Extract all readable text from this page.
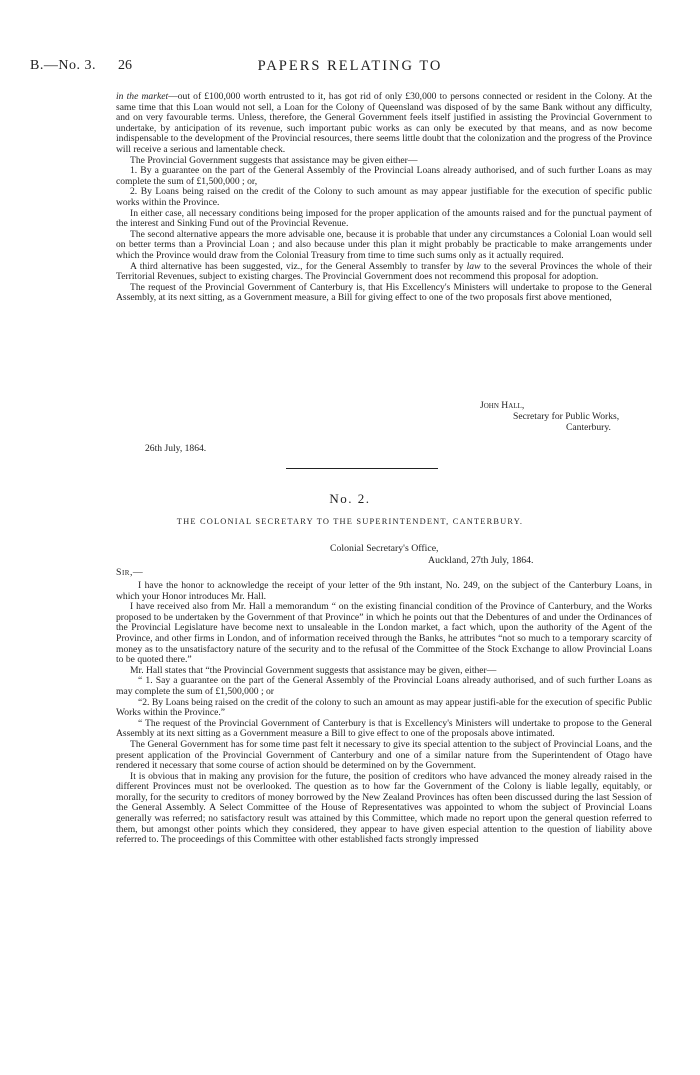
B.—No. 3. 26	PAPERS RELATING TO

in the market—out of £100,000 worth entrusted to it, has got rid of only £30,000 to persons connected or resident in the Colony. At the same time that this Loan would not sell, a Loan for the Colony of Queensland was disposed of by the same Bank without any difficulty, and on very favourable terms. Unless, therefore, the General Government feels itself justified in assisting the Provincial Government to undertake, by anticipation of its revenue, such important pubic works as can only be executed by that means, and as now become indispensable to the development of the Provincial resources, there seems little doubt that the colonization and the progress of the Province will receive a serious and lamentable check.

The Provincial Government suggests that assistance may be given either—

1. By a guarantee on the part of the General Assembly of the Provincial Loans already authorised, and of such further Loans as may complete the sum of £1,500,000 ; or,

2. By Loans being raised on the credit of the Colony to such amount as may appear justifiable for the execution of specific public works within the Province.

In either case, all necessary conditions being imposed for the proper application of the amounts raised and for the punctual payment of the interest and Sinking Fund out of the Provincial Revenue.

The second alternative appears the more advisable one, because it is probable that under any circumstances a Colonial Loan would sell on better terms than a Provincial Loan ; and also because under this plan it might probably be practicable to make arrangements under which the Province would draw from the Colonial Treasury from time to time such sums only as it actually required.

A third alternative has been suggested, viz., for the General Assembly to transfer by law to the several Provinces the whole of their Territorial Revenues, subject to existing charges. The Provincial Government does not recommend this proposal for adoption.

The request of the Provincial Government of Canterbury is, that His Excellency's Ministers will undertake to propose to the General Assembly, at its next sitting, as a Government measure, a Bill for giving effect to one of the two proposals first above mentioned,

John Hall,
Secretary for Public Works,
Canterbury.
26th July, 1864.
No. 2.
THE COLONIAL SECRETARY TO THE SUPERINTENDENT, CANTERBURY.
Colonial Secretary's Office,
Auckland, 27th July, 1864.
Sir,—

I have the honor to acknowledge the receipt of your letter of the 9th instant, No. 249, on the subject of the Canterbury Loans, in which your Honor introduces Mr. Hall.

I have received also from Mr. Hall a memorandum “ on the existing financial condition of the Province of Canterbury, and the Works proposed to be undertaken by the Government of that Province” in which he points out that the Debentures of and under the Ordinances of the Provincial Legislature have become next to unsaleable in the London market, a fact which, upon the authority of the Agent of the Province, and other firms in London, and of information received through the Banks, he attributes “not so much to a temporary scarcity of money as to the unsatisfactory nature of the security and to the refusal of the Committee of the Stock Exchange to allow Provincial Loans to be quoted there.”

Mr. Hall states that “the Provincial Government suggests that assistance may be given, either—

“ 1. Say a guarantee on the part of the General Assembly of the Provincial Loans already authorised, and of such further Loans as may complete the sum of £1,500,000 ; or

“2. By Loans being raised on the credit of the colony to such an amount as may appear justifi-able for the execution of specific Public Works within the Province.”

“ The request of the Provincial Government of Canterbury is that is Excellency's Ministers will undertake to propose to the General Assembly at its next sitting as a Government measure a Bill to give effect to one of the proposals above intimated.

The General Government has for some time past felt it necessary to give its special attention to the subject of Provincial Loans, and the present application of the Provincial Government of Canterbury and one of a similar nature from the Superintendent of Otago have rendered it necessary that some course of action should be determined on by the Government.

It is obvious that in making any provision for the future, the position of creditors who have advanced the money already raised in the different Provinces must not be overlooked. The question as to how far the Government of the Colony is liable legally, equitably, or morally, for the security to creditors of money borrowed by the New Zealand Provinces has often been discussed during the last Session of the General Assembly. A Select Committee of the House of Representatives was appointed to whom the subject of Provincial Loans generally was referred; no satisfactory result was attained by this Committee, which made no report upon the general question referred to them, but amongst other points which they considered, they appear to have given especial attention to the question of liability above referred to. The proceedings of this Committee with other established facts strongly impressed
